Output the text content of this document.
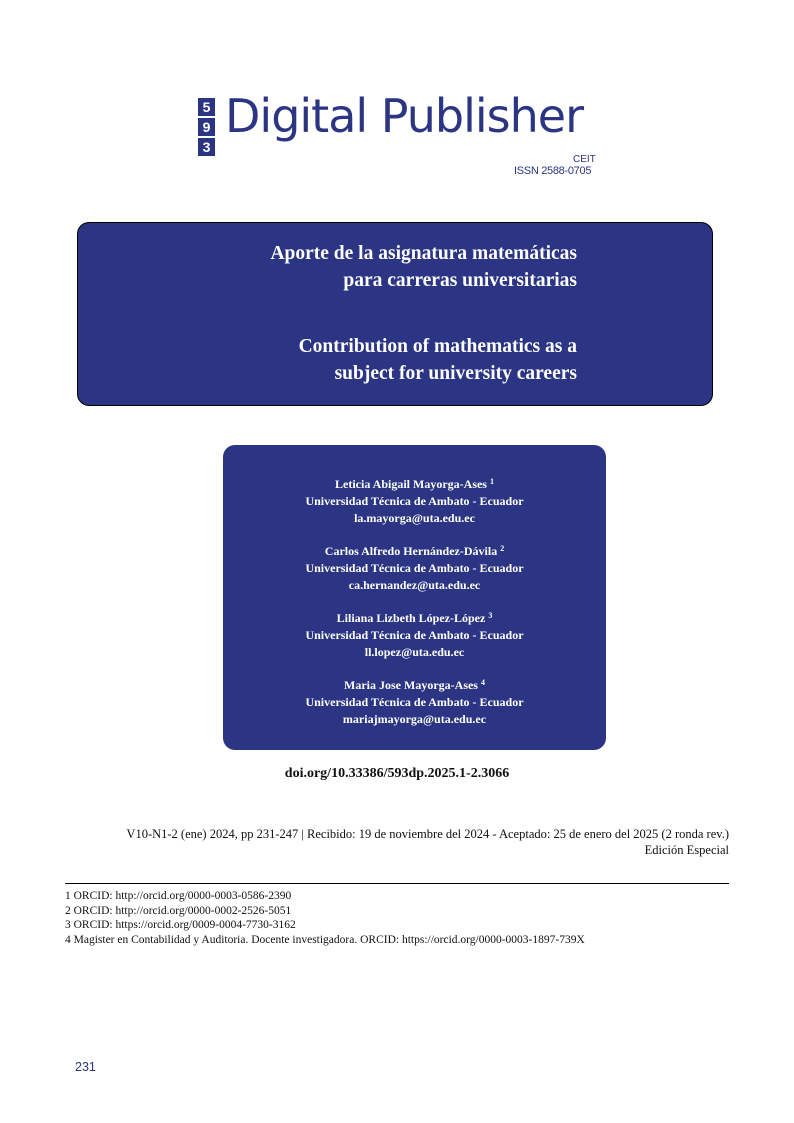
5
9
3
Digital Publisher
CEIT
ISSN 2588-0705
Aporte de la asignatura matemáticas
para carreras universitarias
Contribution of mathematics as a
subject for university careers
Leticia Abigail Mayorga-Ases $^1$
Universidad Técnica de Ambato - Ecuador
la.mayorga@uta.edu.ec
Carlos Alfredo Hernández-Dávila $^2$
Universidad Técnica de Ambato - Ecuador
ca.hernandez@uta.edu.ec
Liliana Lizbeth López-López $^3$
Universidad Técnica de Ambato - Ecuador
ll.lopez@uta.edu.ec
Maria Jose Mayorga-Ases $^4$
Universidad Técnica de Ambato - Ecuador
mariajmayorga@uta.edu.ec
doi.org/10.33386/593dp.2025.1-2.3066
V10-N1-2 (ene) 2024, pp 231-247 | Recibido: 19 de noviembre del 2024 - Aceptado: 25 de enero del 2025 (2 ronda rev.)
Edición Especial
1 ORCID: http://orcid.org/0000-0003-0586-2390
2 ORCID: http://orcid.org/0000-0002-2526-5051
3 ORCID: https://orcid.org/0009-0004-7730-3162
4 Magister en Contabilidad y Auditoria. Docente investigadora. ORCID: https://orcid.org/0000-0003-1897-739X
231
